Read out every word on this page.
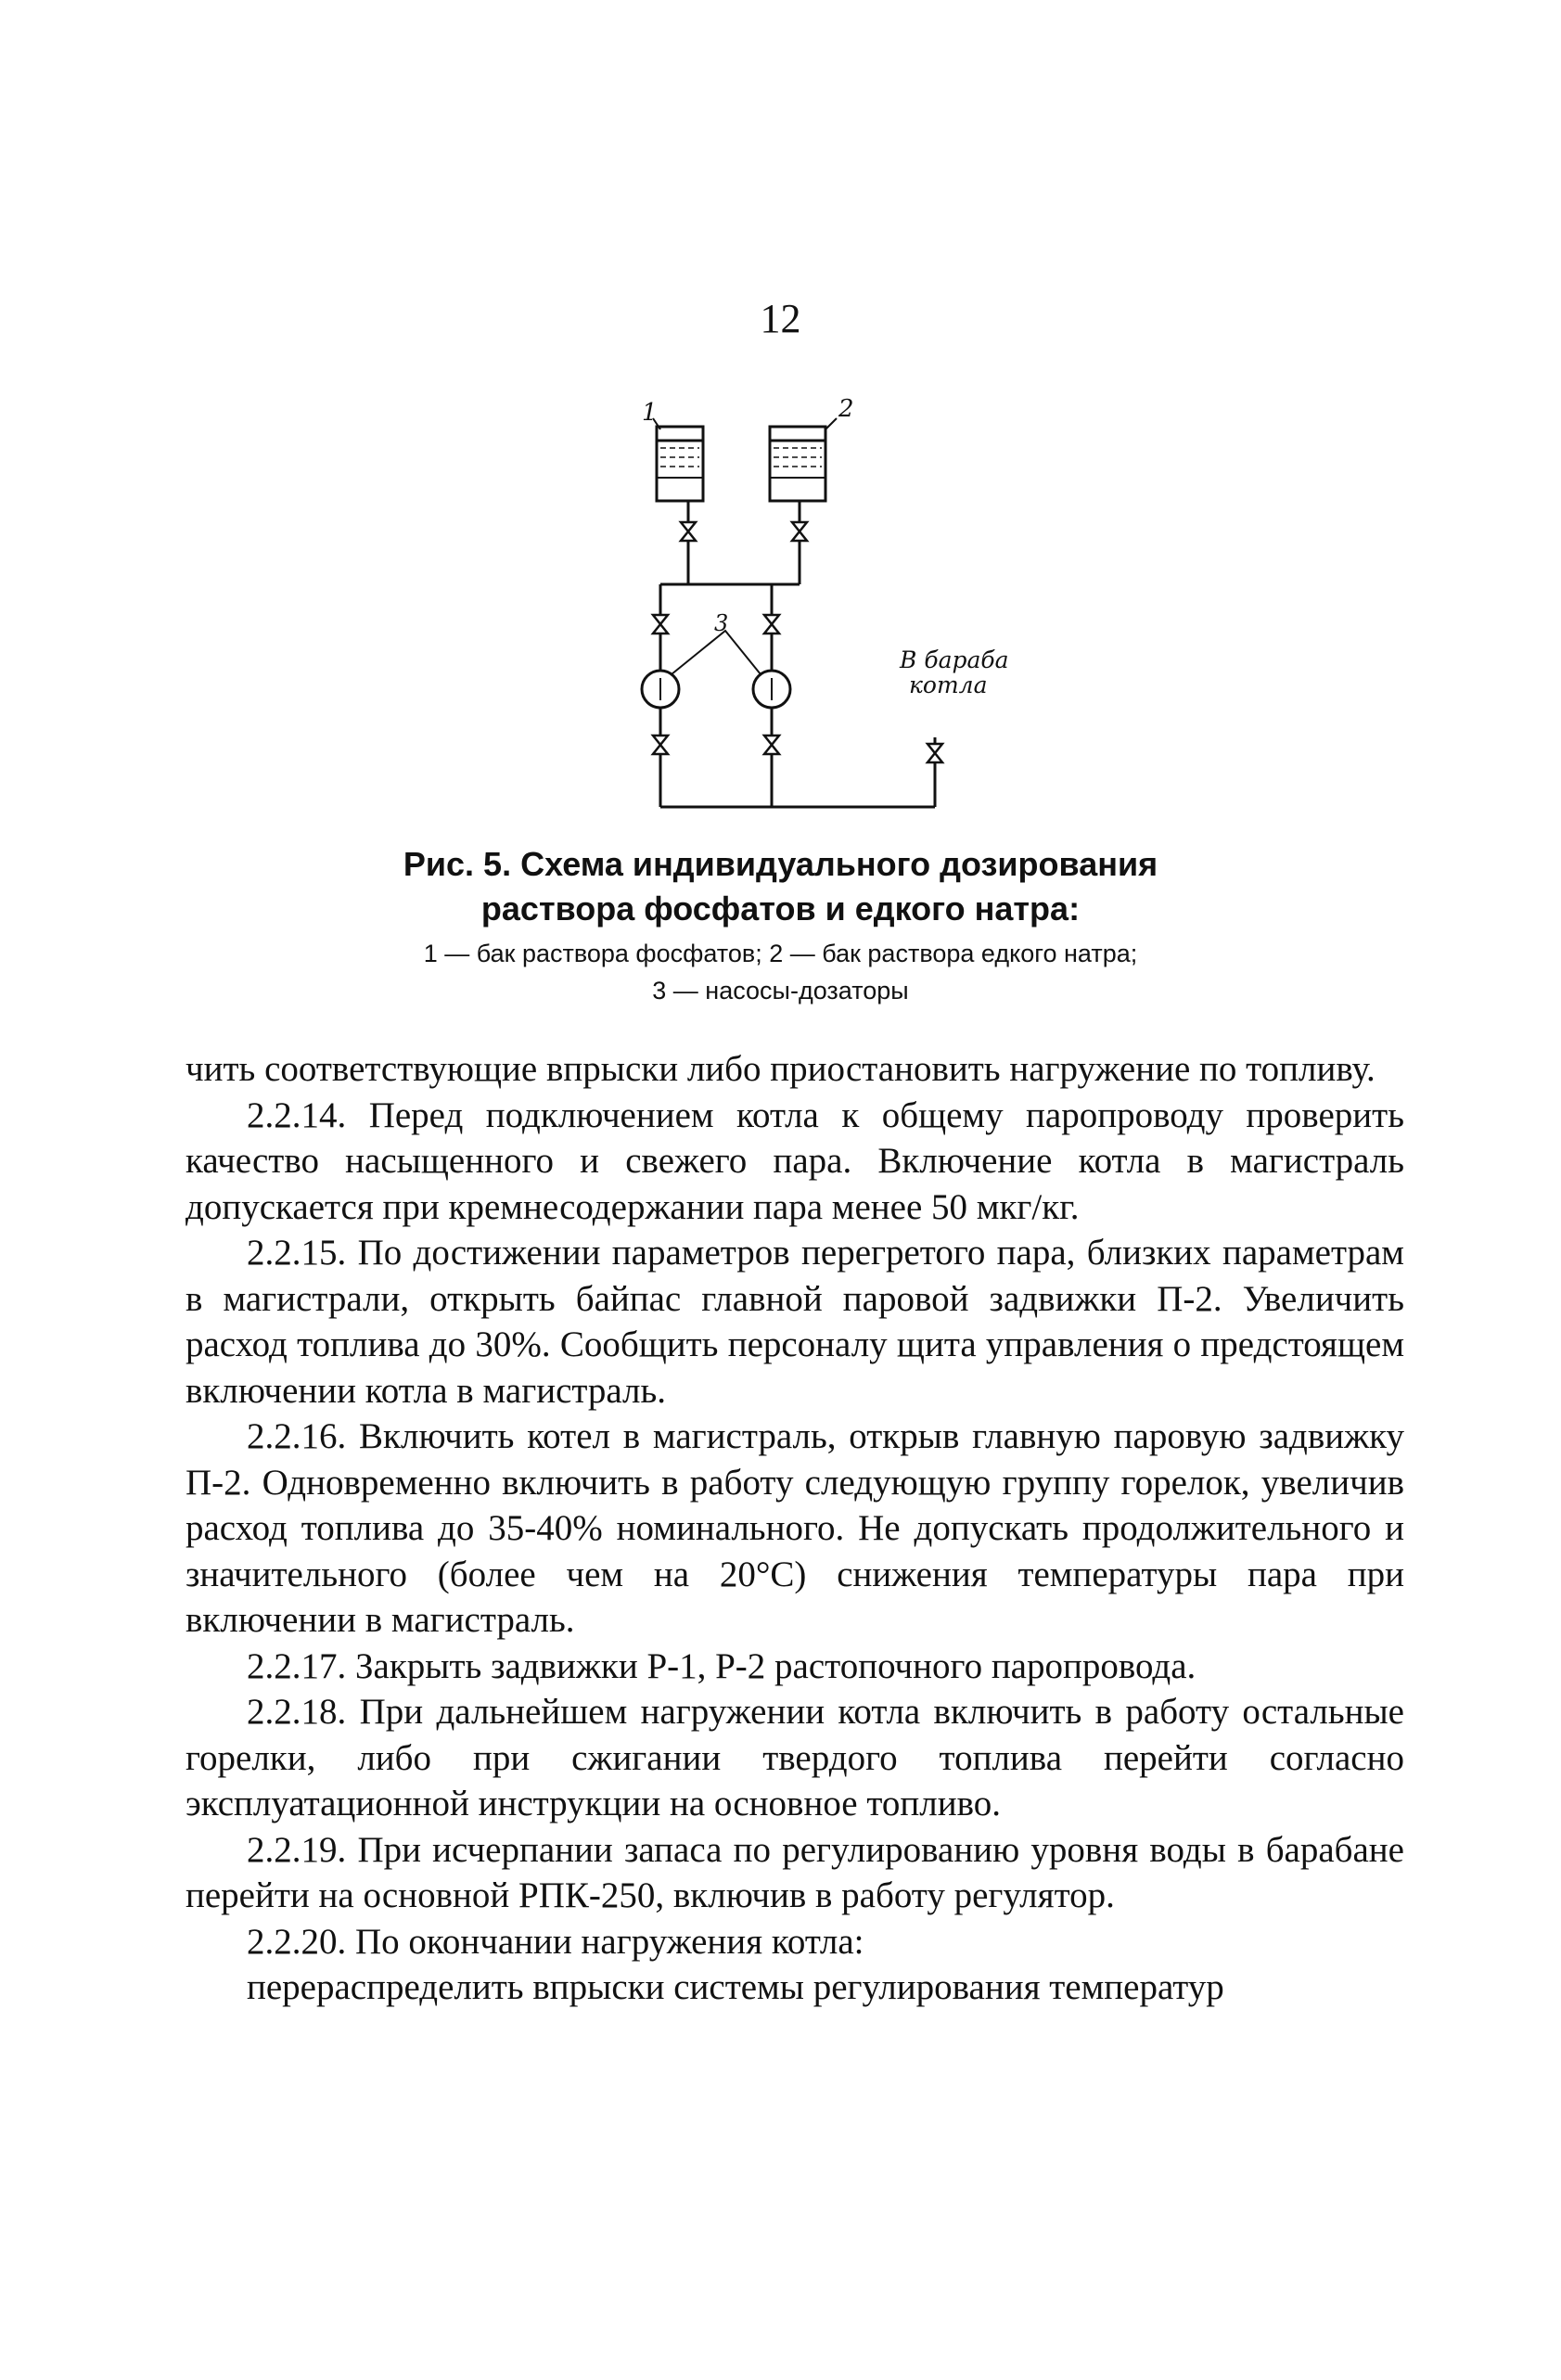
12
1	2
3
В бараба
котла
Рис. 5. Схема индивидуального дозирования
раствора фосфатов и едкого натра:
1 — бак раствора фосфатов; 2 — бак раствора едкого натра;
3 — насосы-дозаторы

чить соответствующие впрыски либо приостановить нагружение по топливу.

2.2.14. Перед подключением котла к общему паропроводу проверить качество насыщенного и свежего пара. Включение котла в магистраль допускается при кремнесодержании пара менее 50 мкг/кг.

2.2.15. По достижении параметров перегретого пара, близких параметрам в магистрали, открыть байпас главной паровой задвижки П-2. Увеличить расход топлива до 30%. Сообщить персоналу щита управления о предстоящем включении котла в магистраль.

2.2.16. Включить котел в магистраль, открыв главную паровую задвижку П-2. Одновременно включить в работу следующую группу горелок, увеличив расход топлива до 35-40% номинального. Не допускать продолжительного и значительного (более чем на 20°С) снижения температуры пара при включении в магистраль.

2.2.17. Закрыть задвижки Р-1, Р-2 растопочного паропровода.

2.2.18. При дальнейшем нагружении котла включить в работу остальные горелки, либо при сжигании твердого топлива перейти согласно эксплуатационной инструкции на основное топливо.

2.2.19. При исчерпании запаса по регулированию уровня воды в барабане перейти на основной РПК-250, включив в работу регулятор.

2.2.20. По окончании нагружения котла:

перераспределить впрыски системы регулирования температур
